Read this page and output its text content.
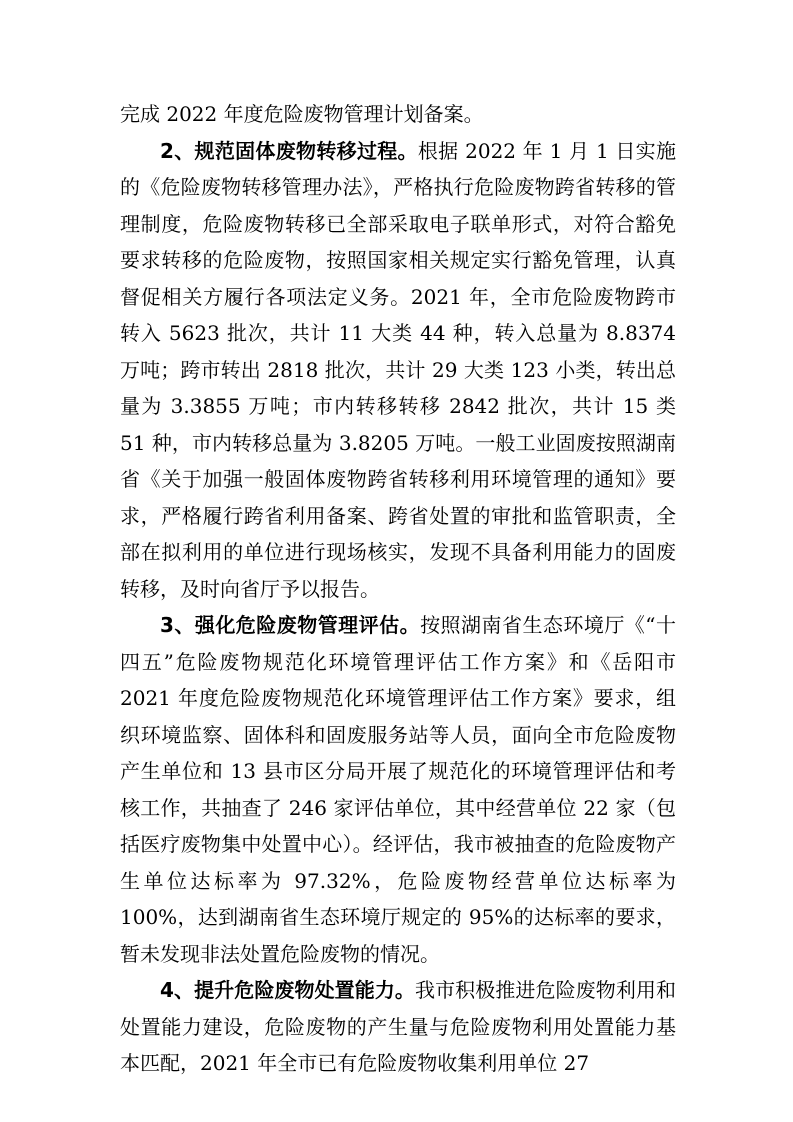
完成 2022 年度危险废物管理计划备案。

2、规范固体废物转移过程。根据 2022 年 1 月 1 日实施的《危险废物转移管理办法》，严格执行危险废物跨省转移的管理制度，危险废物转移已全部采取电子联单形式，对符合豁免要求转移的危险废物，按照国家相关规定实行豁免管理，认真督促相关方履行各项法定义务。2021 年，全市危险废物跨市转入 5623 批次，共计 11 大类 44 种，转入总量为 8.8374 万吨；跨市转出 2818 批次，共计 29 大类 123 小类，转出总量为 3.3855 万吨；市内转移转移 2842 批次，共计 15 类 51 种，市内转移总量为 3.8205 万吨。一般工业固废按照湖南省《关于加强一般固体废物跨省转移利用环境管理的通知》要求，严格履行跨省利用备案、跨省处置的审批和监管职责，全部在拟利用的单位进行现场核实，发现不具备利用能力的固废转移，及时向省厅予以报告。

3、强化危险废物管理评估。按照湖南省生态环境厅《“十四五”危险废物规范化环境管理评估工作方案》和《岳阳市 2021 年度危险废物规范化环境管理评估工作方案》要求，组织环境监察、固体科和固废服务站等人员，面向全市危险废物产生单位和 13 县市区分局开展了规范化的环境管理评估和考核工作，共抽查了 246 家评估单位，其中经营单位 22 家（包括医疗废物集中处置中心）。经评估，我市被抽查的危险废物产生单位达标率为 97.32%，危险废物经营单位达标率为 100%，达到湖南省生态环境厅规定的 95%的达标率的要求，暂未发现非法处置危险废物的情况。

4、提升危险废物处置能力。我市积极推进危险废物利用和处置能力建设，危险废物的产生量与危险废物利用处置能力基本匹配，2021 年全市已有危险废物收集利用单位 27
